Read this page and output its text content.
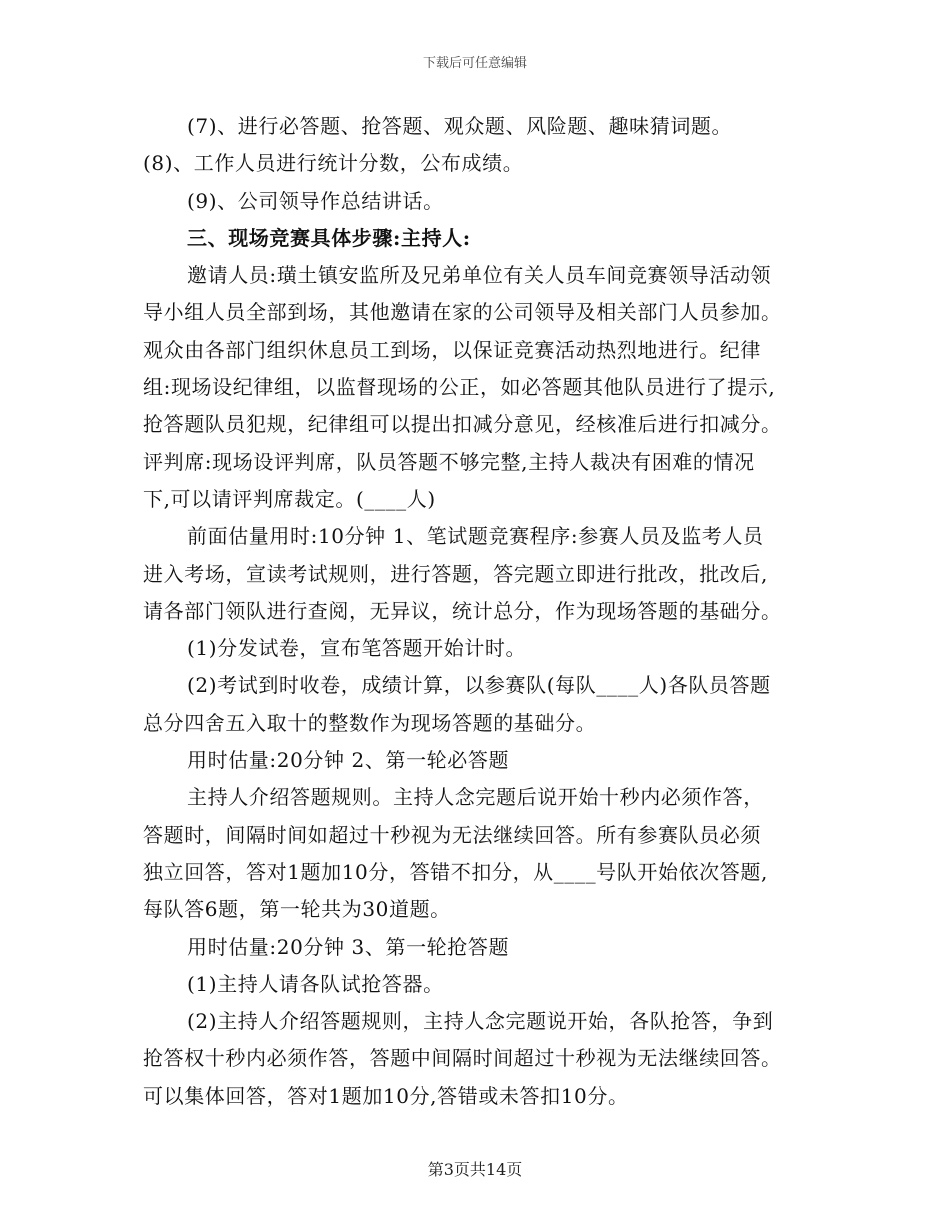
下载后可任意编辑
(7)、进行必答题、抢答题、观众题、风险题、趣味猜词题。
(8)、工作人员进行统计分数，公布成绩。
(9)、公司领导作总结讲话。
三、现场竞赛具体步骤:主持人:
邀请人员:璜土镇安监所及兄弟单位有关人员车间竞赛领导活动领
导小组人员全部到场，其他邀请在家的公司领导及相关部门人员参加。
观众由各部门组织休息员工到场，以保证竞赛活动热烈地进行。纪律
组:现场设纪律组，以监督现场的公正，如必答题其他队员进行了提示,
抢答题队员犯规，纪律组可以提出扣减分意见，经核准后进行扣减分。
评判席:现场设评判席，队员答题不够完整,主持人裁决有困难的情况
下,可以请评判席裁定。(____人)
前面估量用时:10分钟 1、笔试题竞赛程序:参赛人员及监考人员
进入考场，宣读考试规则，进行答题，答完题立即进行批改，批改后,
请各部门领队进行查阅，无异议，统计总分，作为现场答题的基础分。
(1)分发试卷，宣布笔答题开始计时。
(2)考试到时收卷，成绩计算，以参赛队(每队____人)各队员答题
总分四舍五入取十的整数作为现场答题的基础分。
用时估量:20分钟 2、第一轮必答题
主持人介绍答题规则。主持人念完题后说开始十秒内必须作答，
答题时，间隔时间如超过十秒视为无法继续回答。所有参赛队员必须
独立回答，答对1题加10分，答错不扣分，从____号队开始依次答题,
每队答6题，第一轮共为30道题。
用时估量:20分钟 3、第一轮抢答题
(1)主持人请各队试抢答器。
(2)主持人介绍答题规则，主持人念完题说开始，各队抢答，争到
抢答权十秒内必须作答，答题中间隔时间超过十秒视为无法继续回答。
可以集体回答，答对1题加10分,答错或未答扣10分。
第3页共14页
